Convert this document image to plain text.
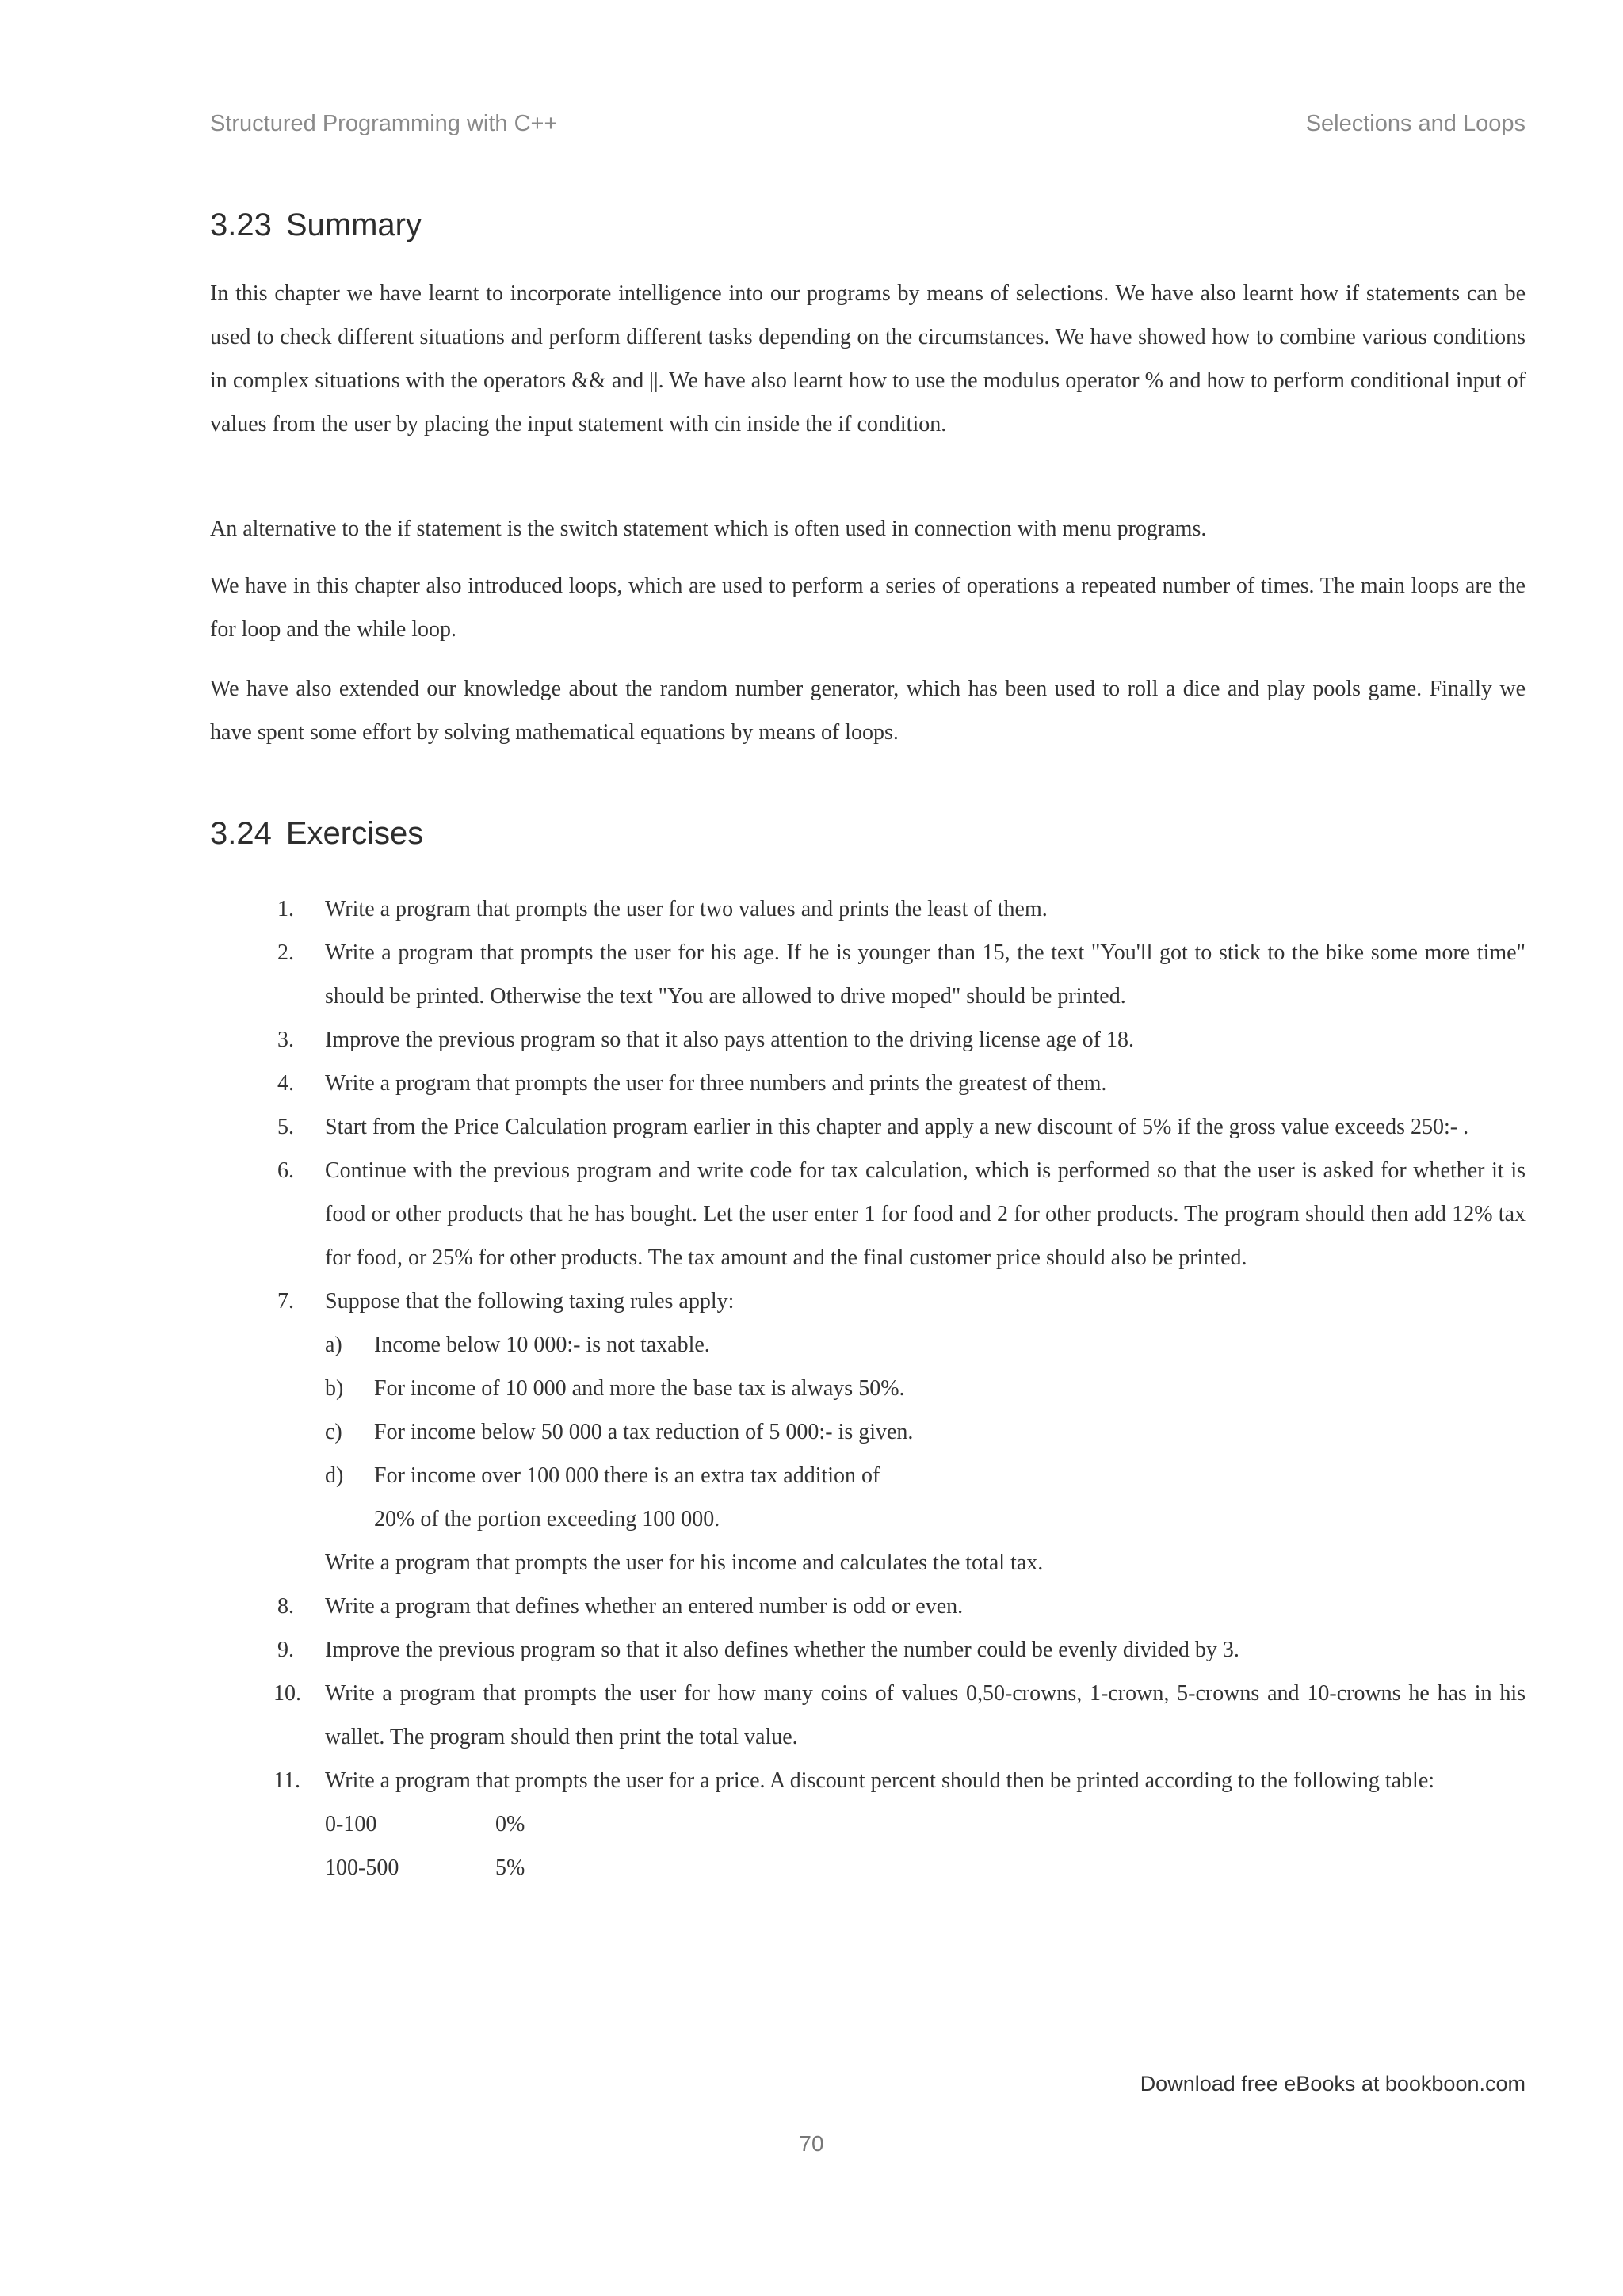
Structured Programming with C++	Selections and Loops
3.23 Summary

In this chapter we have learnt to incorporate intelligence into our programs by means of selections. We have also learnt how if statements can be used to check different situations and perform different tasks depending on the circumstances. We have showed how to combine various conditions in complex situations with the operators && and ||. We have also learnt how to use the modulus operator % and how to perform conditional input of values from the user by placing the input statement with cin inside the if condition.

An alternative to the if statement is the switch statement which is often used in connection with menu programs.

We have in this chapter also introduced loops, which are used to perform a series of operations a repeated number of times. The main loops are the for loop and the while loop.

We have also extended our knowledge about the random number generator, which has been used to roll a dice and play pools game. Finally we have spent some effort by solving mathematical equations by means of loops.

3.24 Exercises
1.	Write a program that prompts the user for two values and prints the least of them.
2.	Write a program that prompts the user for his age. If he is younger than 15, the text "You'll got to stick to the bike some more time" should be printed. Otherwise the text "You are allowed to drive moped" should be printed.
3.	Improve the previous program so that it also pays attention to the driving license age of 18.
4.	Write a program that prompts the user for three numbers and prints the greatest of them.
5.	Start from the Price Calculation program earlier in this chapter and apply a new discount of 5% if the gross value exceeds 250:- .
6.	Continue with the previous program and write code for tax calculation, which is performed so that the user is asked for whether it is food or other products that he has bought. Let the user enter 1 for food and 2 for other products. The program should then add 12% tax for food, or 25% for other products. The tax amount and the final customer price should also be printed.
7.	Suppose that the following taxing rules apply:
a) Income below 10 000:- is not taxable.
b) For income of 10 000 and more the base tax is always 50%.
c) For income below 50 000 a tax reduction of 5 000:- is given.
d) For income over 100 000 there is an extra tax addition of
20% of the portion exceeding 100 000.
Write a program that prompts the user for his income and calculates the total tax.
8.	Write a program that defines whether an entered number is odd or even.
9.	Improve the previous program so that it also defines whether the number could be evenly divided by 3.
10.	Write a program that prompts the user for how many coins of values 0,50-crowns, 1-crown, 5-crowns and 10-crowns he has in his wallet. The program should then print the total value.
11.	Write a program that prompts the user for a price. A discount percent should then be printed according to the following table:
0-100	0%
100-500	5%
Download free eBooks at bookboon.com
70
